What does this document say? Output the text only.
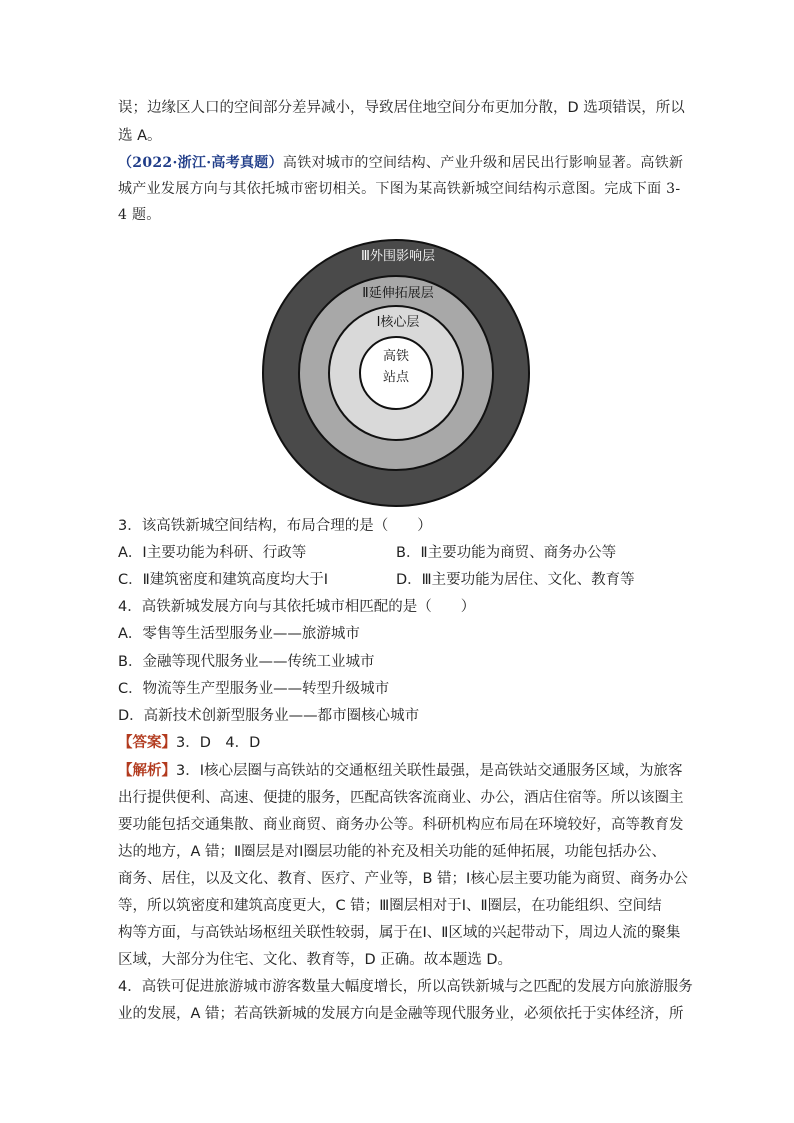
误；边缘区人口的空间部分差异减小，导致居住地空间分布更加分散，D 选项错误，所以
选 A。
（2022·浙江·高考真题）高铁对城市的空间结构、产业升级和居民出行影响显著。高铁新
城产业发展方向与其依托城市密切相关。下图为某高铁新城空间结构示意图。完成下面 3-
4 题。
Ⅲ外围影响层
Ⅱ延伸拓展层
Ⅰ核心层
高铁
站点
3．该高铁新城空间结构，布局合理的是（　　）
A．Ⅰ主要功能为科研、行政等	B．Ⅱ主要功能为商贸、商务办公等
C．Ⅱ建筑密度和建筑高度均大于Ⅰ	D．Ⅲ主要功能为居住、文化、教育等
4．高铁新城发展方向与其依托城市相匹配的是（　　）
A．零售等生活型服务业——旅游城市
B．金融等现代服务业——传统工业城市
C．物流等生产型服务业——转型升级城市
D．高新技术创新型服务业——都市圈核心城市
【答案】3．D　4．D
【解析】3．Ⅰ核心层圈与高铁站的交通枢纽关联性最强，是高铁站交通服务区域，为旅客
出行提供便利、高速、便捷的服务，匹配高铁客流商业、办公，酒店住宿等。所以该圈主
要功能包括交通集散、商业商贸、商务办公等。科研机构应布局在环境较好，高等教育发
达的地方，A 错；Ⅱ圈层是对Ⅰ圈层功能的补充及相关功能的延伸拓展，功能包括办公、
商务、居住，以及文化、教育、医疗、产业等，B 错；Ⅰ核心层主要功能为商贸、商务办公
等，所以筑密度和建筑高度更大，C 错；Ⅲ圈层相对于Ⅰ、Ⅱ圈层，在功能组织、空间结
构等方面，与高铁站场枢纽关联性较弱，属于在Ⅰ、Ⅱ区域的兴起带动下，周边人流的聚集
区域，大部分为住宅、文化、教育等，D 正确。故本题选 D。
4．高铁可促进旅游城市游客数量大幅度增长，所以高铁新城与之匹配的发展方向旅游服务
业的发展，A 错；若高铁新城的发展方向是金融等现代服务业，必须依托于实体经济，所
